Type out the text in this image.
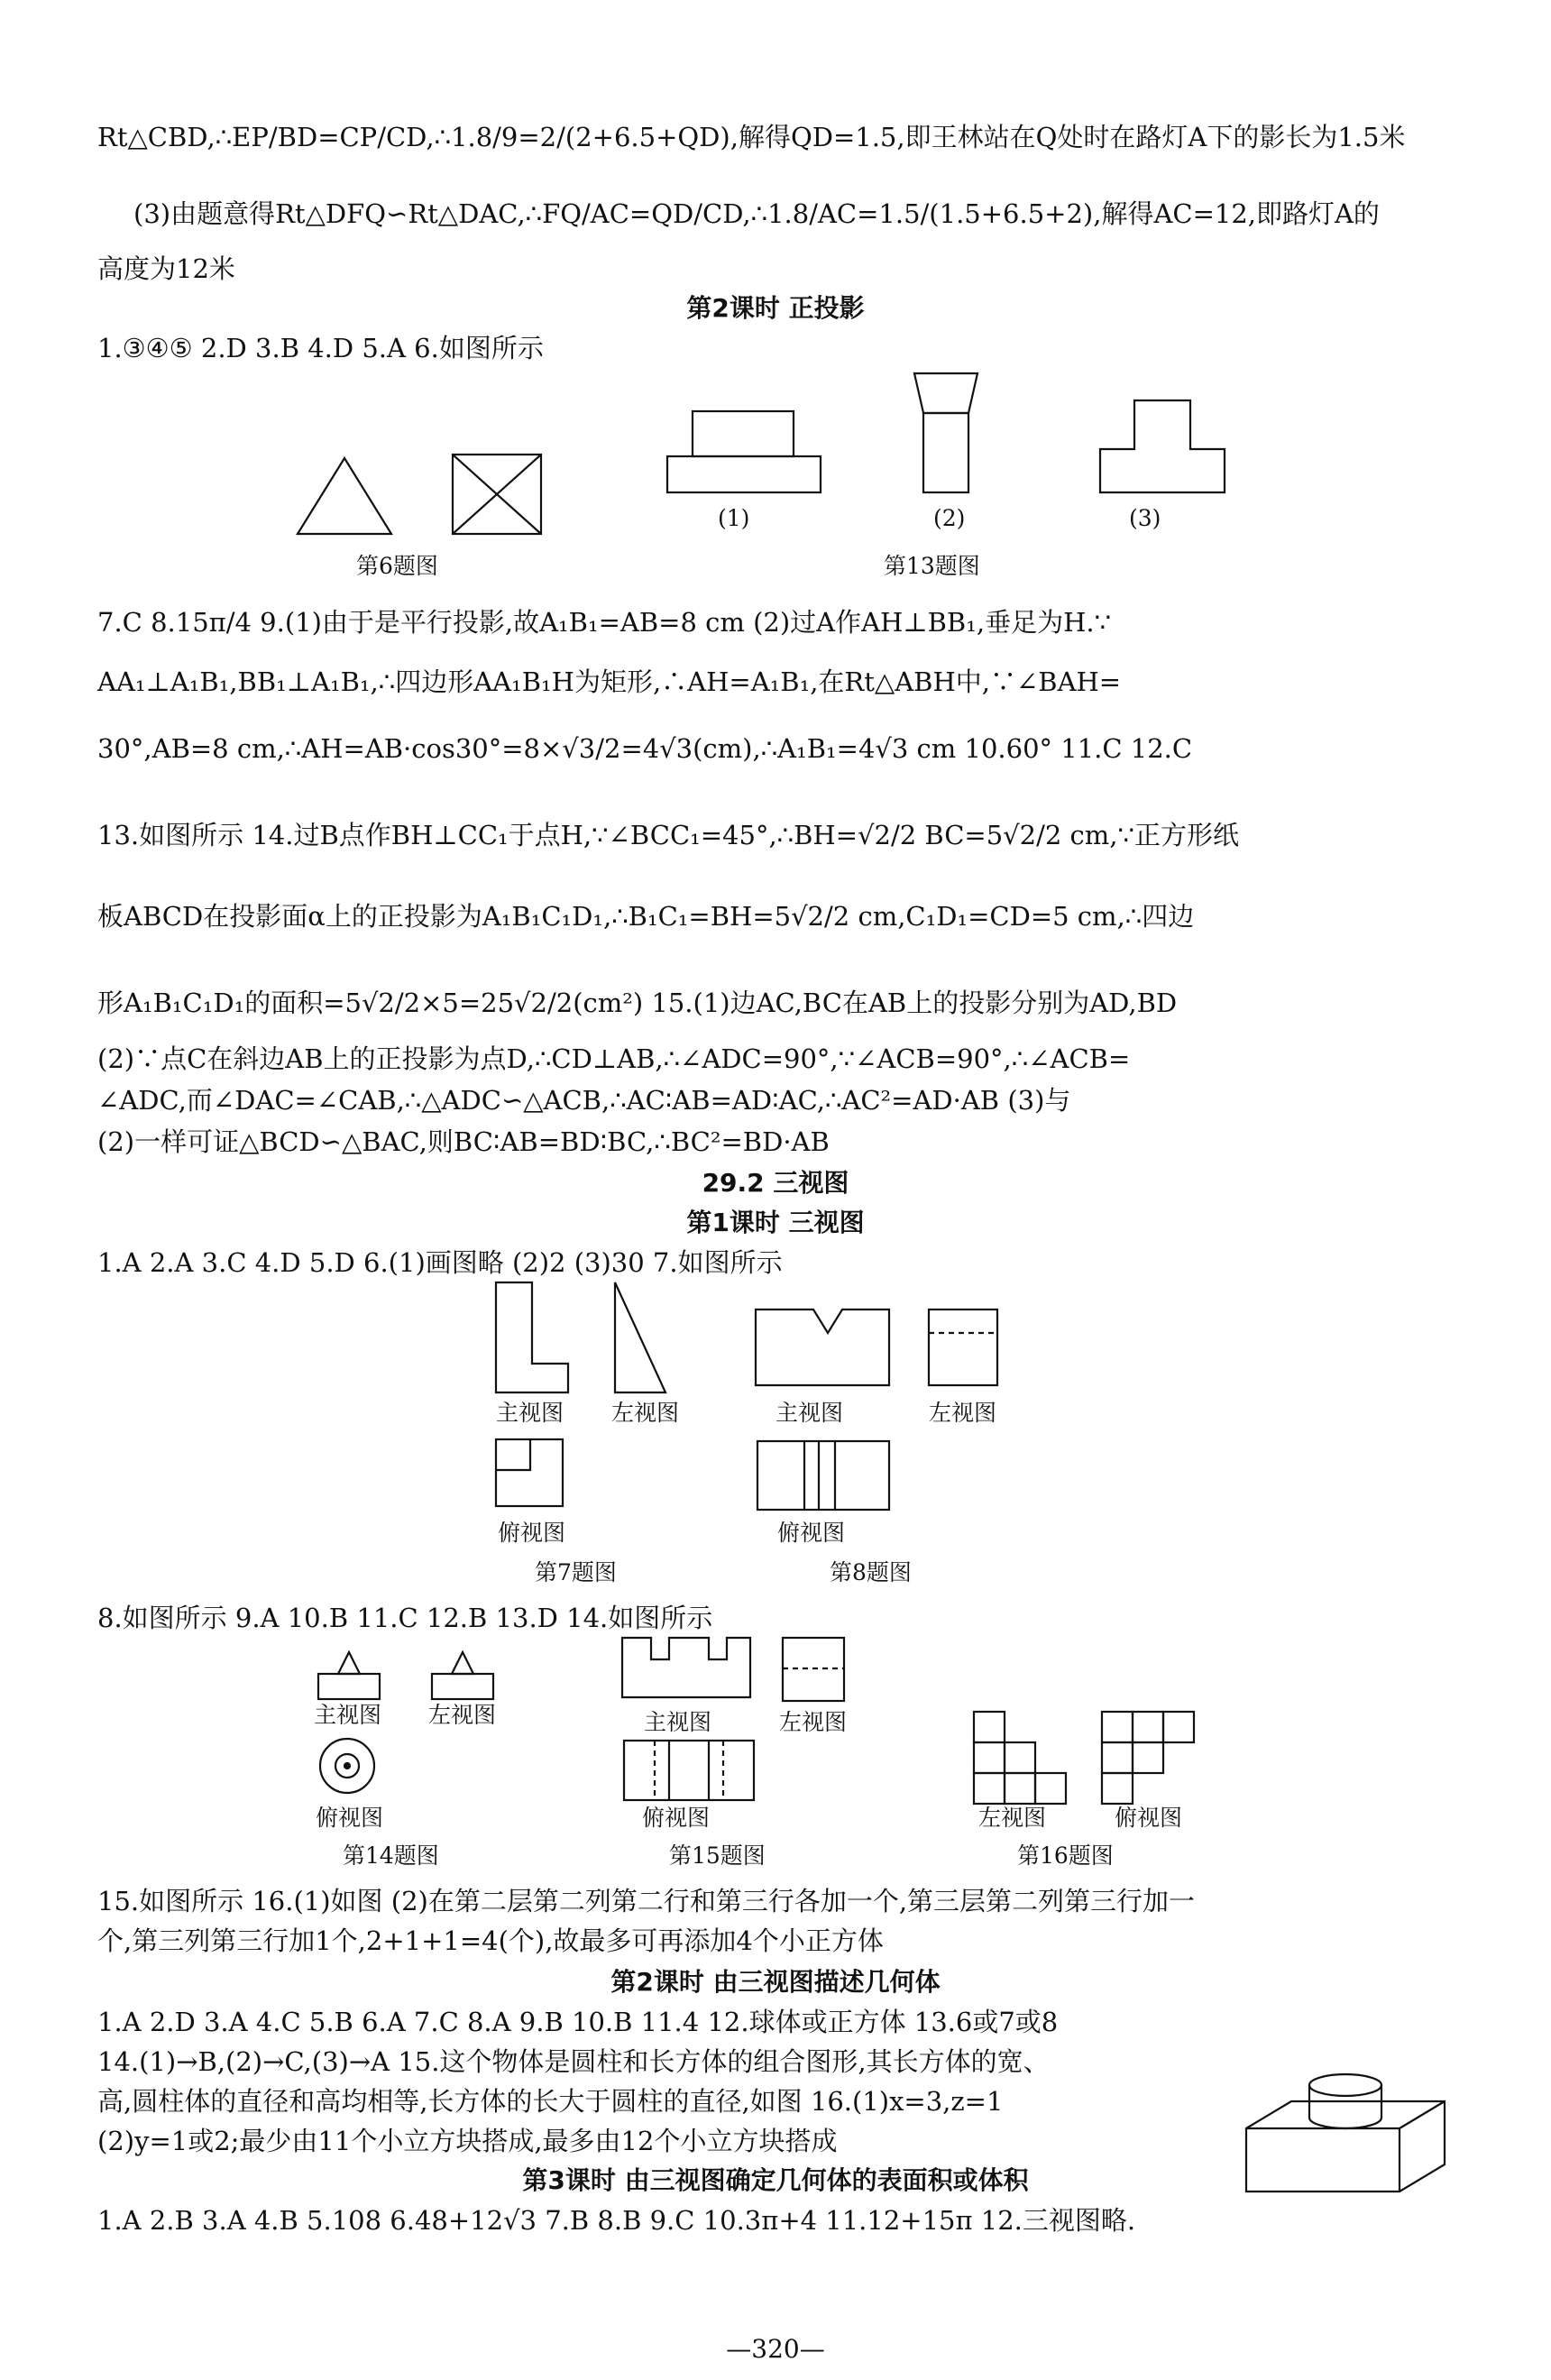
Rt△CBD,∴EP/BD=CP/CD,∴1.8/9=2/(2+6.5+QD),解得QD=1.5,即王林站在Q处时在路灯A下的影长为1.5米
(3)由题意得Rt△DFQ∽Rt△DAC,∴FQ/AC=QD/CD,∴1.8/AC=1.5/(1.5+6.5+2),解得AC=12,即路灯A的
高度为12米
第2课时 正投影
1.③④⑤ 2.D 3.B 4.D 5.A 6.如图所示
第6题图
(1)	(2)	(3)
第13题图
7.C 8.15π/4 9.(1)由于是平行投影,故A₁B₁=AB=8 cm (2)过A作AH⊥BB₁,垂足为H.∵
AA₁⊥A₁B₁,BB₁⊥A₁B₁,∴四边形AA₁B₁H为矩形,∴AH=A₁B₁,在Rt△ABH中,∵∠BAH=
30°,AB=8 cm,∴AH=AB·cos30°=8×√3/2=4√3(cm),∴A₁B₁=4√3 cm 10.60° 11.C 12.C
13.如图所示 14.过B点作BH⊥CC₁于点H,∵∠BCC₁=45°,∴BH=√2/2 BC=5√2/2 cm,∵正方形纸
板ABCD在投影面α上的正投影为A₁B₁C₁D₁,∴B₁C₁=BH=5√2/2 cm,C₁D₁=CD=5 cm,∴四边
形A₁B₁C₁D₁的面积=5√2/2×5=25√2/2(cm²) 15.(1)边AC,BC在AB上的投影分别为AD,BD
(2)∵点C在斜边AB上的正投影为点D,∴CD⊥AB,∴∠ADC=90°,∵∠ACB=90°,∴∠ACB=
∠ADC,而∠DAC=∠CAB,∴△ADC∽△ACB,∴AC∶AB=AD∶AC,∴AC²=AD·AB (3)与
(2)一样可证△BCD∽△BAC,则BC∶AB=BD∶BC,∴BC²=BD·AB
29.2 三视图
第1课时 三视图
1.A 2.A 3.C 4.D 5.D 6.(1)画图略 (2)2 (3)30 7.如图所示
主视图 左视图
俯视图
第7题图
主视图	左视图
俯视图
第8题图
8.如图所示 9.A 10.B 11.C 12.B 13.D 14.如图所示
主视图 左视图
俯视图
第14题图
主视图	左视图
俯视图
第15题图
左视图	俯视图
第16题图
15.如图所示 16.(1)如图 (2)在第二层第二列第二行和第三行各加一个,第三层第二列第三行加一
个,第三列第三行加1个,2+1+1=4(个),故最多可再添加4个小正方体
第2课时 由三视图描述几何体
1.A 2.D 3.A 4.C 5.B 6.A 7.C 8.A 9.B 10.B 11.4 12.球体或正方体 13.6或7或8
14.(1)→B,(2)→C,(3)→A 15.这个物体是圆柱和长方体的组合图形,其长方体的宽、
高,圆柱体的直径和高均相等,长方体的长大于圆柱的直径,如图 16.(1)x=3,z=1
(2)y=1或2;最少由11个小立方块搭成,最多由12个小立方块搭成
第3课时 由三视图确定几何体的表面积或体积
1.A 2.B 3.A 4.B 5.108 6.48+12√3 7.B 8.B 9.C 10.3π+4 11.12+15π 12.三视图略.
—320—
